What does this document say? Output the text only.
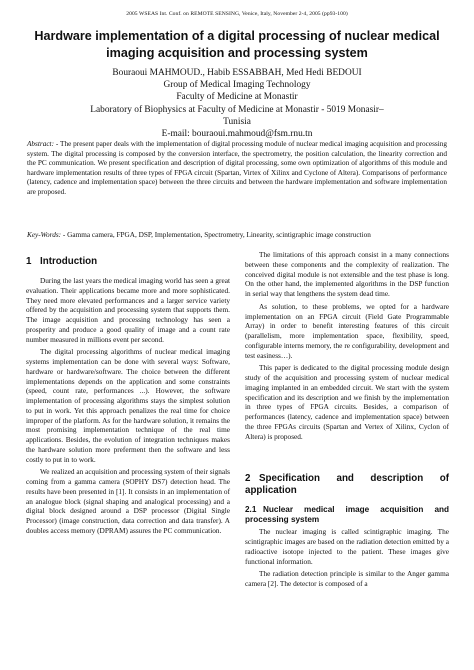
2005 WSEAS Int. Conf. on REMOTE SENSING, Venice, Italy, November 2-4, 2005 (pp93-100)
Hardware implementation of a digital processing of nuclear medical imaging acquisition and processing system
Bouraoui MAHMOUD., Habib ESSABBAH, Med Hedi BEDOUI
Group of Medical Imaging Technology
Faculty of Medicine at Monastir
Laboratory of Biophysics at Faculty of Medicine at Monastir - 5019 Monasir–
Tunisia
E-mail: bouraoui.mahmoud@fsm.rnu.tn

Abstract: - The present paper deals with the implementation of digital processing module of nuclear medical imaging acquisition and processing system. The digital processing is composed by the conversion interface, the spectrometry, the position calculation, the linearity correction and the PC communication. We present specification and description of digital processing, some own optimization of algorithms of this module and hardware implementation results of three types of FPGA circuit (Spartan, Virtex of Xilinx and Cyclone of Altera). Comparisons of performance (latency, cadence and implementation space) between the three circuits and between the hardware implementation and software implementation are proposed.

Key-Words: - Gamma camera, FPGA, DSP, Implementation, Spectrometry, Linearity, scintigraphic image construction

1 Introduction

During the last years the medical imaging world has seen a great evaluation. Their applications became more and more sophisticated. They need more elevated performances and a larger service variety offered by the acquisition and processing system that supports them. The image acquisition and processing technology has seen a prosperity and produce a good quality of image and a count rate number measured in millions event per second.

The digital processing algorithms of nuclear medical imaging systems implementation can be done with several ways: Software, hardware or hardware/software. The choice between the different implementations depends on the application and some constraints (speed, count rate, performances ...). However, the software implementation of processing algorithms stays the simplest solution to put in work. Yet this approach penalizes the real time for choice improper of the platform. As for the hardware solution, it remains the most promising implementation technique of the real time applications. Besides, the evolution of integration techniques makes the hardware solution more preferment then the software and less costly to put in to work.

We realized an acquisition and processing system of their signals coming from a gamma camera (SOPHY DS7) detection head. The results have been presented in [1]. It consists in an implementation of an analogue block (signal shaping and analogical processing) and a digital block designed around a DSP processor (Digital Single Processor) (image construction, data correction and data transfer). A doubles access memory (DPRAM) assures the PC communication.

The limitations of this approach consist in a many connections between these components and the complexity of realization. The conceived digital module is not extensible and the test phase is long. On the other hand, the implemented algorithms in the DSP function in serial way that lengthens the system dead time.

As solution, to these problems, we opted for a hardware implementation on an FPGA circuit (Field Gate Programmable Array) in order to benefit interesting features of this circuit (parallelism, more implementation space, flexibility, speed, configurable interns memory, the re configurability, development and test easiness…).

This paper is dedicated to the digital processing module design study of the acquisition and processing system of nuclear medical imaging implanted in an embedded circuit. We start with the system specification and its description and we finish by the implementation in three types of FPGA circuits. Besides, a comparison of performances (latency, cadence and implementation space) between the three FPGAs circuits (Spartan and Vertex of Xilinx, Cyclon of Altera) is proposed.

2 Specification and description of application
2.1 Nuclear medical image acquisition and processing system

The nuclear imaging is called scintigraphic imaging. The scintigraphic images are based on the radiation detection emitted by a radioactive isotope injected to the patient. These images give functional information.

The radiation detection principle is similar to the Anger gamma camera [2]. The detector is composed of a
